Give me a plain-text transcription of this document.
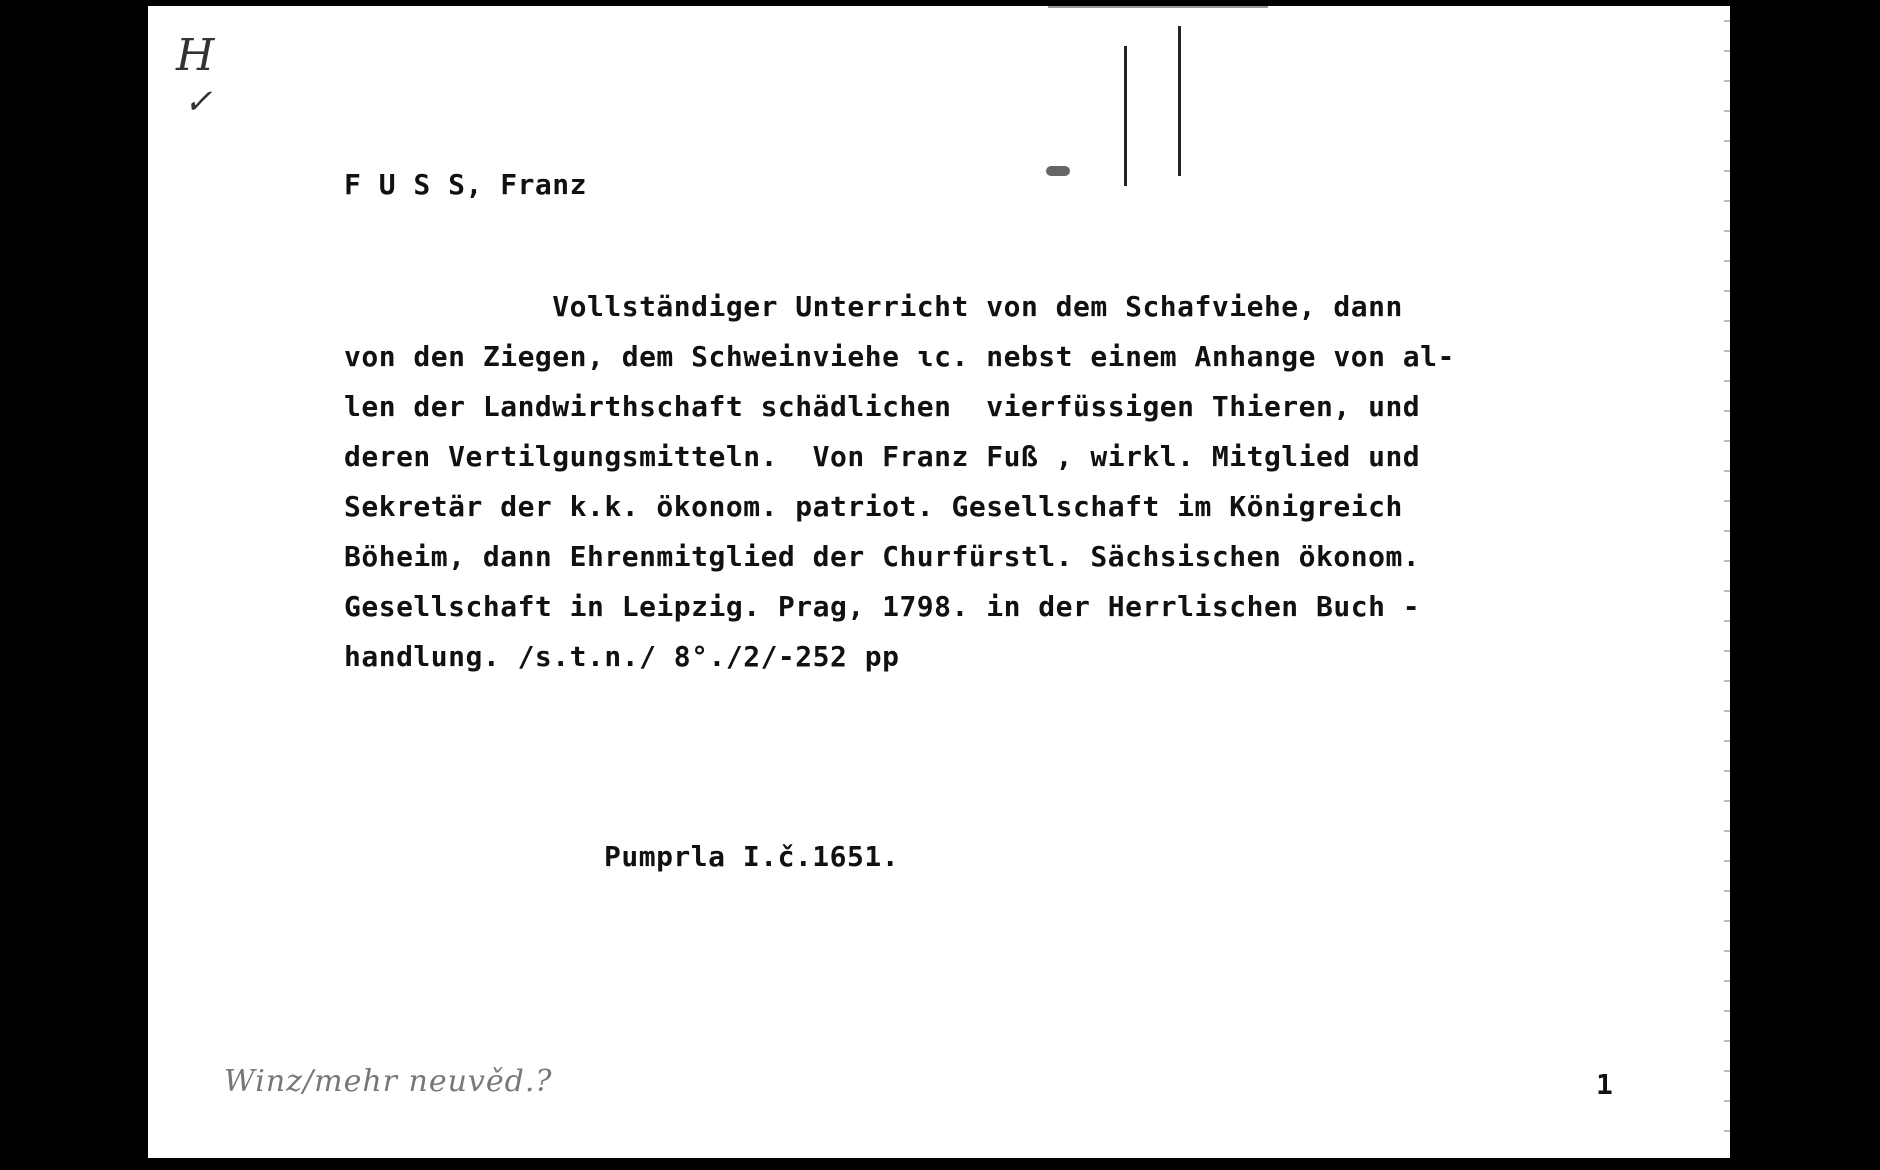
H
✓
F U S S, Franz
Vollständiger Unterricht von dem Schafviehe, dann
von den Ziegen, dem Schweinviehe ɩc. nebst einem Anhange von al-
len der Landwirthschaft schädlichen  vierfüssigen Thieren, und
deren Vertilgungsmitteln.  Von Franz Fuß , wirkl. Mitglied und
Sekretär der k.k. ökonom. patriot. Gesellschaft im Königreich
Böheim, dann Ehrenmitglied der Churfürstl. Sächsischen ökonom.
Gesellschaft in Leipzig. Prag, 1798. in der Herrlischen Buch -
handlung. /s.t.n./ 8°./2/-252 pp
Pumprla I.č.1651.
Winz/mehr neuvěd.?	1
